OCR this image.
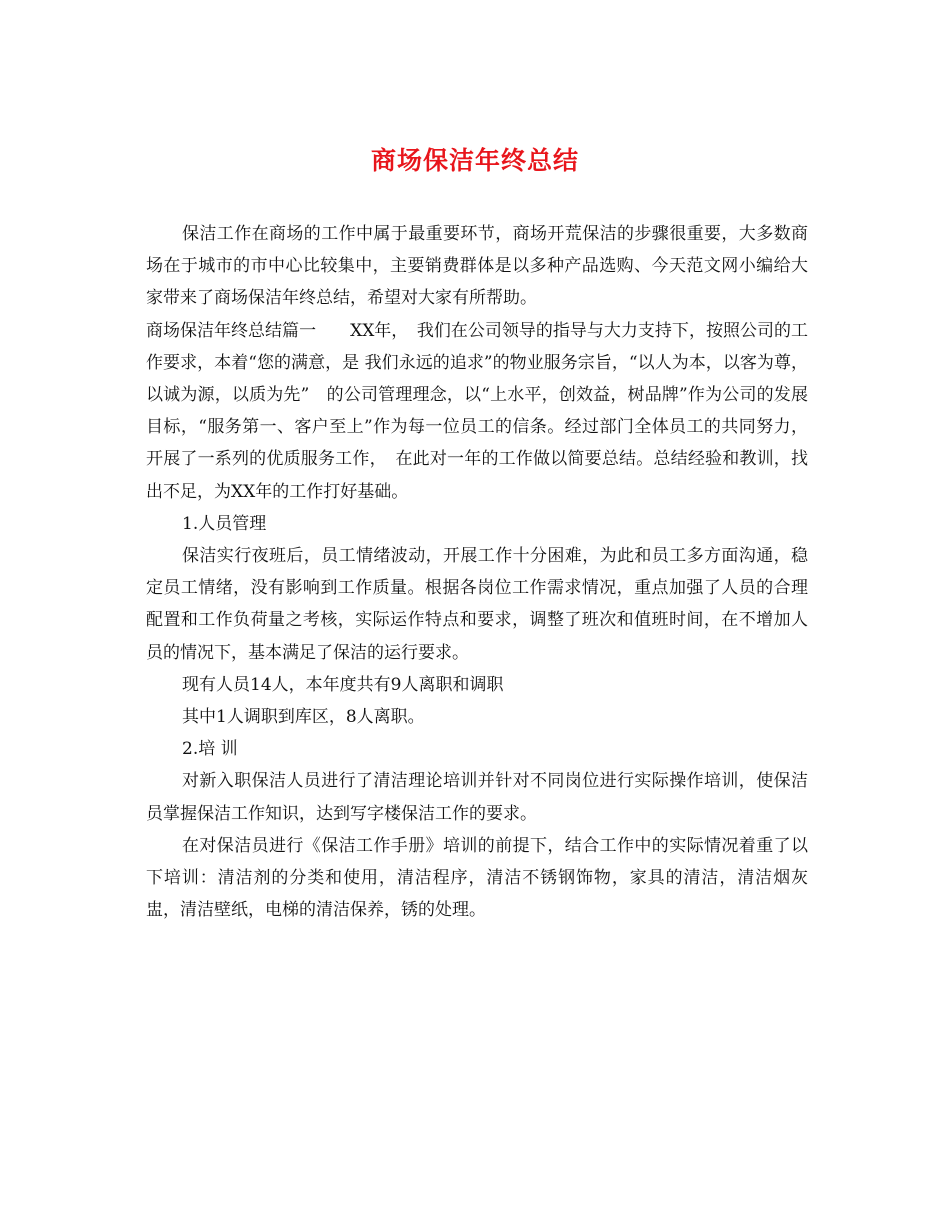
商场保洁年终总结

保洁工作在商场的工作中属于最重要环节，商场开荒保洁的步骤很重要，大多数商场在于城市的市中心比较集中，主要销费群体是以多种产品选购、今天范文网小编给大家带来了商场保洁年终总结，希望对大家有所帮助。

商场保洁年终总结篇一　　XX年，　我们在公司领导的指导与大力支持下，按照公司的工作要求，本着“您的满意，是 我们永远的追求”的物业服务宗旨，“以人为本，以客为尊，以诚为源，以质为先”　的公司管理理念，以“上水平，创效益，树品牌”作为公司的发展目标，“服务第一、客户至上”作为每一位员工的信条。经过部门全体员工的共同努力，开展了一系列的优质服务工作，　在此对一年的工作做以简要总结。总结经验和教训，找出不足，为XX年的工作打好基础。

1.人员管理

保洁实行夜班后，员工情绪波动，开展工作十分困难，为此和员工多方面沟通，稳定员工情绪，没有影响到工作质量。根据各岗位工作需求情况，重点加强了人员的合理配置和工作负荷量之考核，实际运作特点和要求，调整了班次和值班时间，在不增加人员的情况下，基本满足了保洁的运行要求。

现有人员14人，本年度共有9人离职和调职

其中1人调职到库区，8人离职。

2.培 训

对新入职保洁人员进行了清洁理论培训并针对不同岗位进行实际操作培训，使保洁员掌握保洁工作知识，达到写字楼保洁工作的要求。

在对保洁员进行《保洁工作手册》培训的前提下，结合工作中的实际情况着重了以下培训：清洁剂的分类和使用，清洁程序，清洁不锈钢饰物，家具的清洁，清洁烟灰盅，清洁壁纸，电梯的清洁保养，锈的处理。
